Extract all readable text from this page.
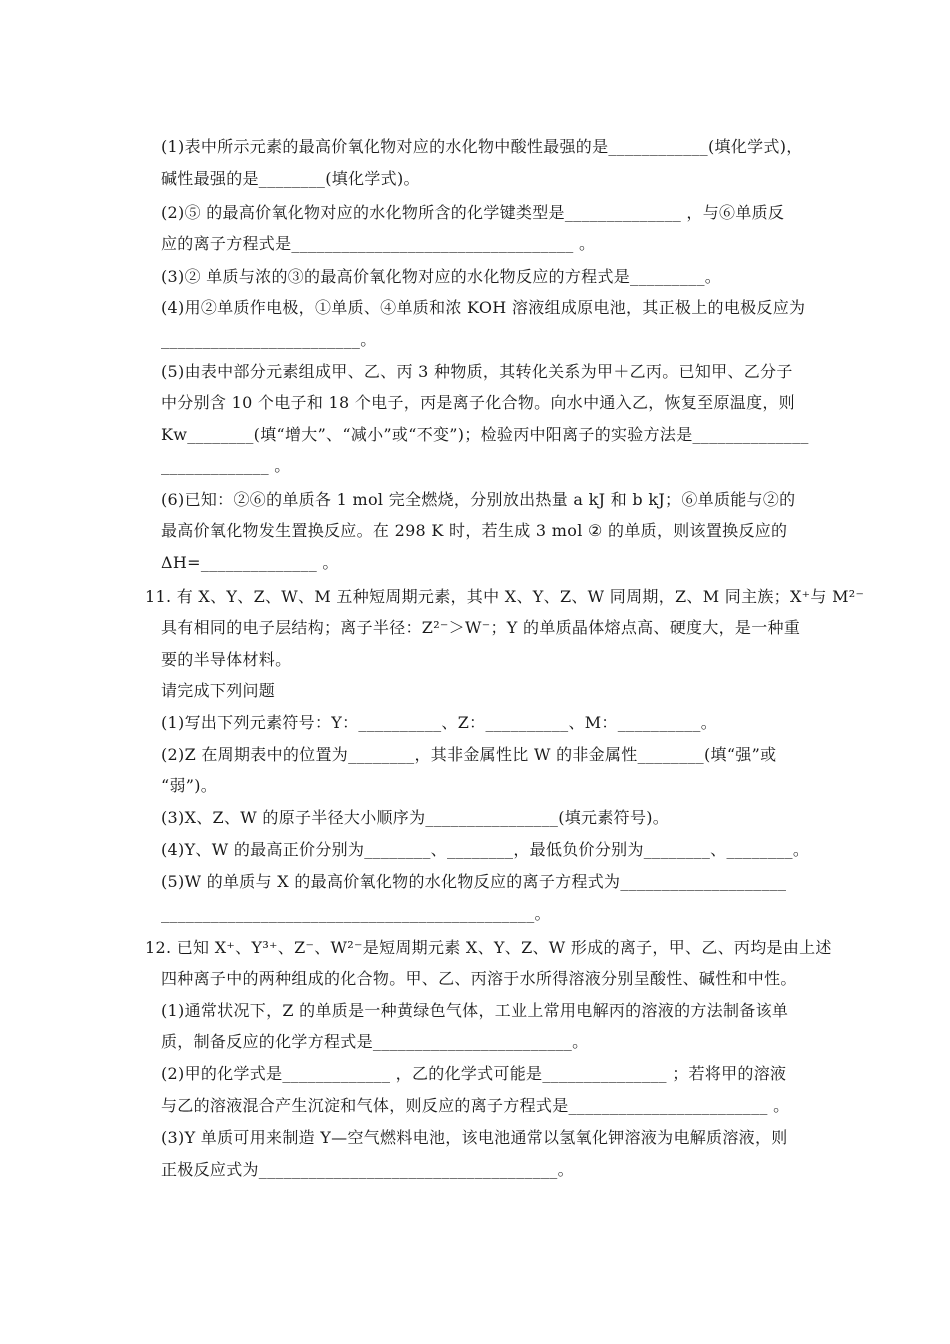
(1)表中所示元素的最高价氧化物对应的水化物中酸性最强的是____________(填化学式)，
碱性最强的是________(填化学式)。
(2)⑤ 的最高价氧化物对应的水化物所含的化学键类型是______________ ，与⑥单质反
应的离子方程式是__________________________________ 。
(3)② 单质与浓的③的最高价氧化物对应的水化物反应的方程式是_________。
(4)用②单质作电极，①单质、④单质和浓 KOH 溶液组成原电池，其正极上的电极反应为
________________________。
(5)由表中部分元素组成甲、乙、丙 3 种物质，其转化关系为甲＋乙丙。已知甲、乙分子
中分别含 10 个电子和 18 个电子，丙是离子化合物。向水中通入乙，恢复至原温度，则
Kw________(填“增大”、“减小”或“不变”)；检验丙中阳离子的实验方法是______________
_____________ 。
(6)已知：②⑥的单质各 1 mol 完全燃烧，分别放出热量 a kJ 和 b kJ；⑥单质能与②的
最高价氧化物发生置换反应。在 298 K 时，若生成 3 mol ② 的单质，则该置换反应的
ΔH=______________ 。
11. 有 X、Y、Z、W、M 五种短周期元素，其中 X、Y、Z、W 同周期，Z、M 同主族；X⁺与 M²⁻
具有相同的电子层结构；离子半径：Z²⁻＞W⁻；Y 的单质晶体熔点高、硬度大，是一种重
要的半导体材料。
请完成下列问题
(1)写出下列元素符号：Y：__________、Z：__________、M：__________。
(2)Z 在周期表中的位置为________，其非金属性比 W 的非金属性________(填“强”或
“弱”)。
(3)X、Z、W 的原子半径大小顺序为________________(填元素符号)。
(4)Y、W 的最高正价分别为________、________，最低负价分别为________、________。
(5)W 的单质与 X 的最高价氧化物的水化物反应的离子方程式为____________________
_____________________________________________。
12. 已知 X⁺、Y³⁺、Z⁻、W²⁻是短周期元素 X、Y、Z、W 形成的离子，甲、乙、丙均是由上述
四种离子中的两种组成的化合物。甲、乙、丙溶于水所得溶液分别呈酸性、碱性和中性。
(1)通常状况下，Z 的单质是一种黄绿色气体，工业上常用电解丙的溶液的方法制备该单
质，制备反应的化学方程式是________________________。
(2)甲的化学式是_____________ ，乙的化学式可能是_______________ ；若将甲的溶液
与乙的溶液混合产生沉淀和气体，则反应的离子方程式是________________________ 。
(3)Y 单质可用来制造 Y—空气燃料电池，该电池通常以氢氧化钾溶液为电解质溶液，则
正极反应式为____________________________________。
